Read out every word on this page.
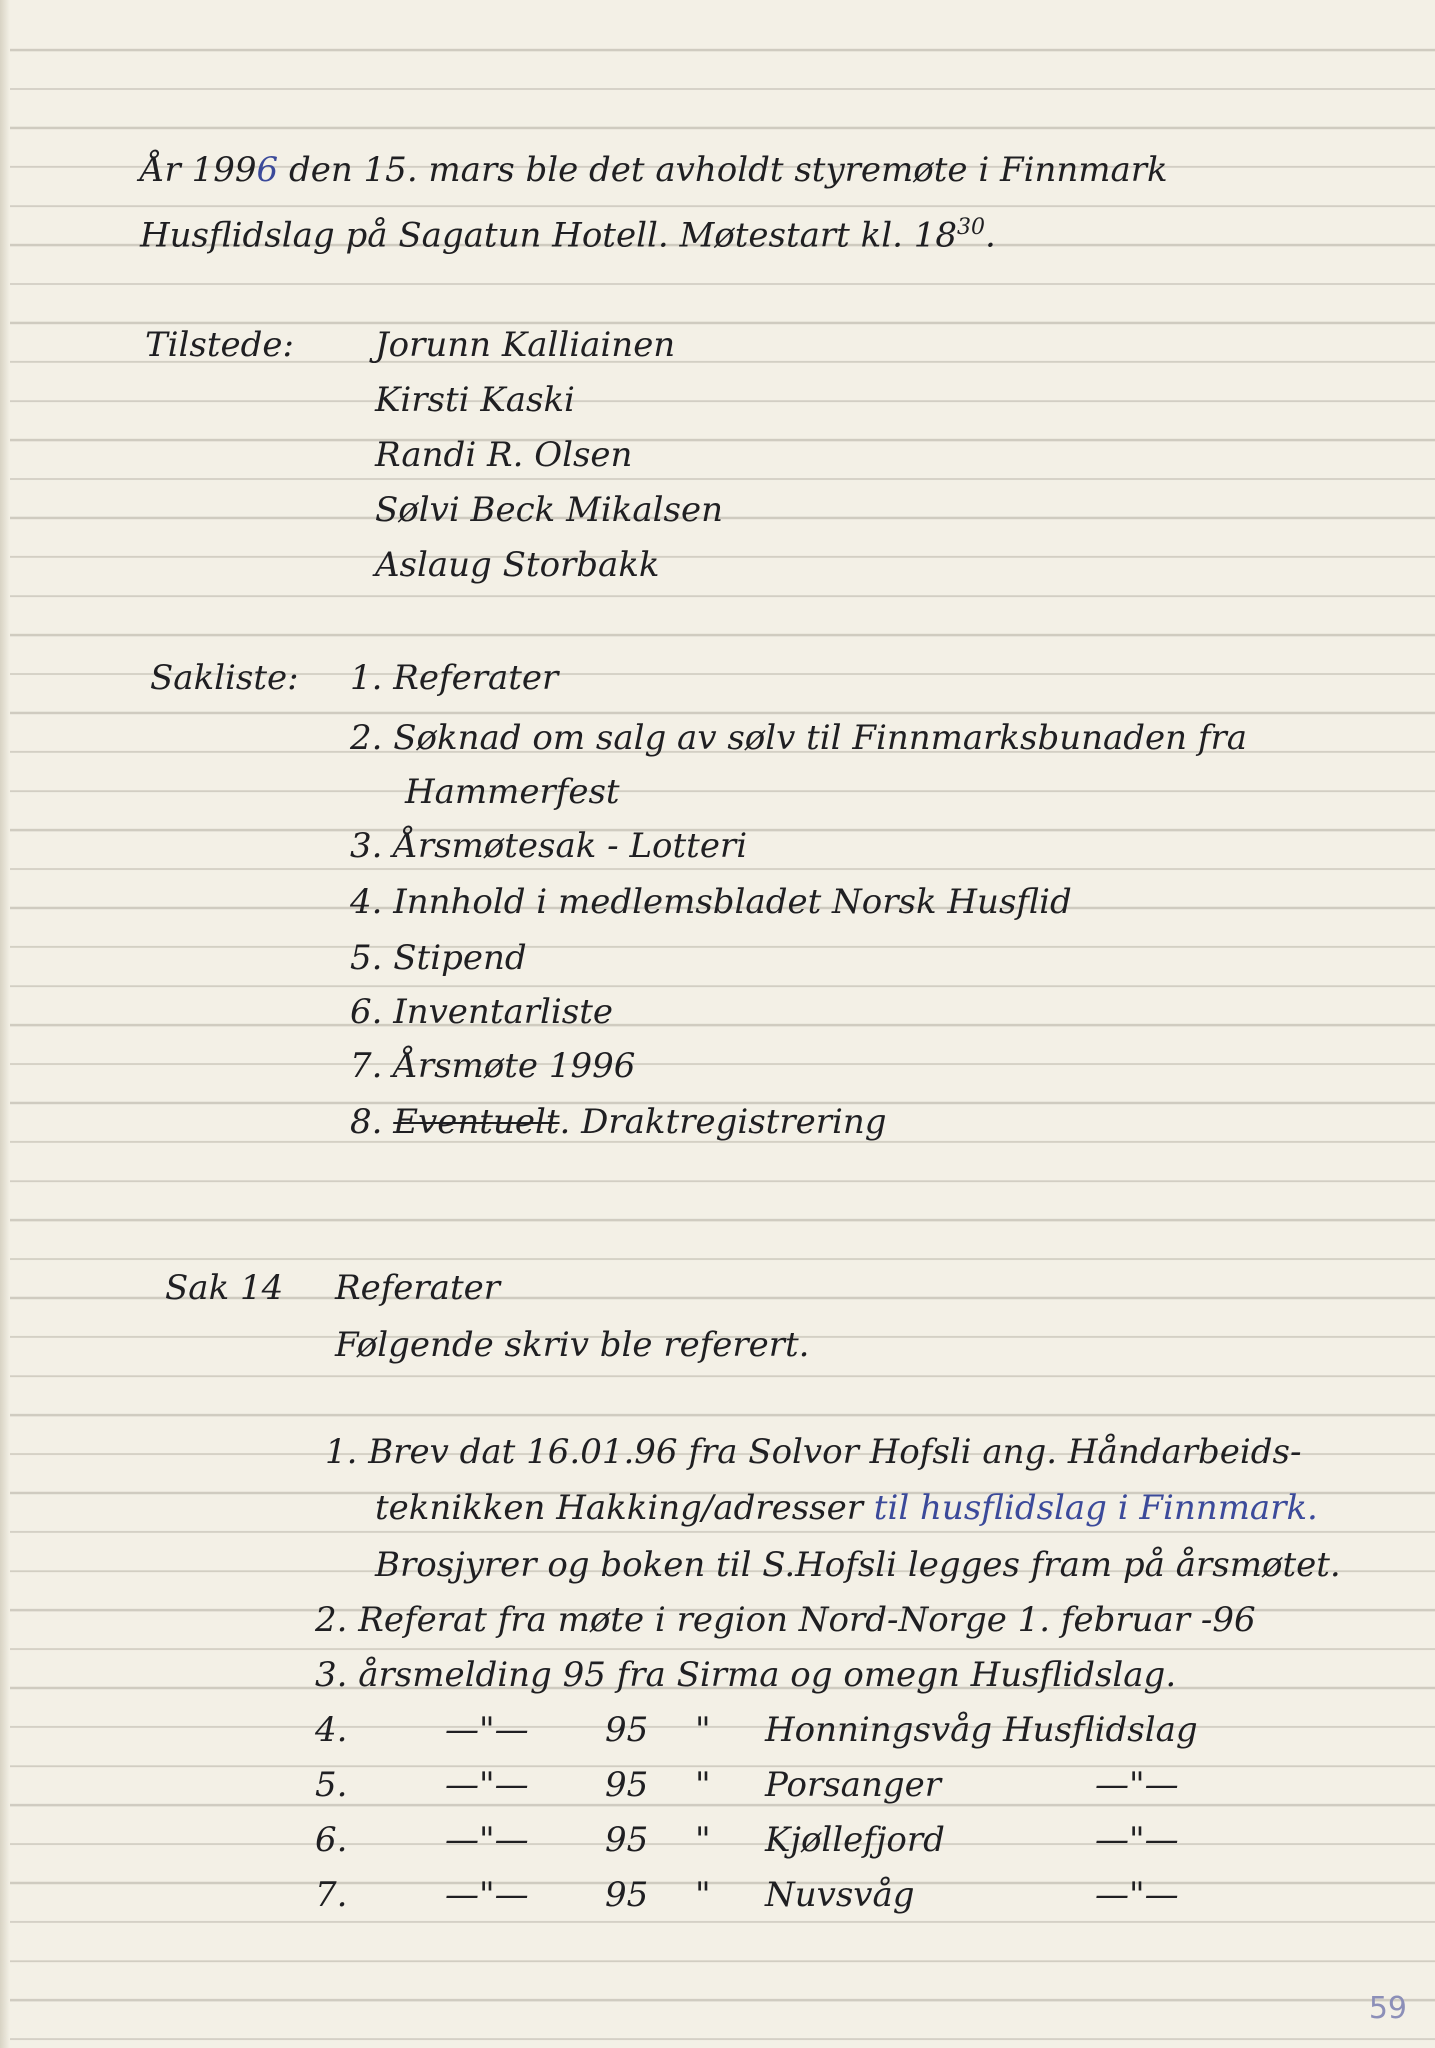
År 1996 den 15. mars ble det avholdt styremøte i Finnmark
Husflidslag på Sagatun Hotell. Møtestart kl. $18^{30}$.
Tilstede: Jorunn Kalliainen
Kirsti Kaski
Randi R. Olsen
Sølvi Beck Mikalsen
Aslaug Storbakk
Sakliste: 1. Referater
2. Søknad om salg av sølv til Finnmarksbunaden fra
Hammerfest
3. Årsmøtesak - Lotteri
4. Innhold i medlemsbladet Norsk Husflid
5. Stipend
6. Inventarliste
7. Årsmøte 1996
8. Eventuelt. Draktregistrering
Sak 14 Referater
Følgende skriv ble referert.
1. Brev dat 16.01.96 fra Solvor Hofsli ang. Håndarbeids-
teknikken Hakking/adresser til husflidslag i Finnmark.
Brosjyrer og boken til S.Hofsli legges fram på årsmøtet.
2. Referat fra møte i region Nord-Norge 1. februar -96
3. årsmelding 95 fra Sirma og omegn Husflidslag.
4.	—"— 95 " Honningsvåg Husflidslag
5.	—"— 95 " Porsanger	—"—
6.	—"— 95 " Kjøllefjord	—"—
7.	—"— 95 " Nuvsvåg	—"—
59
